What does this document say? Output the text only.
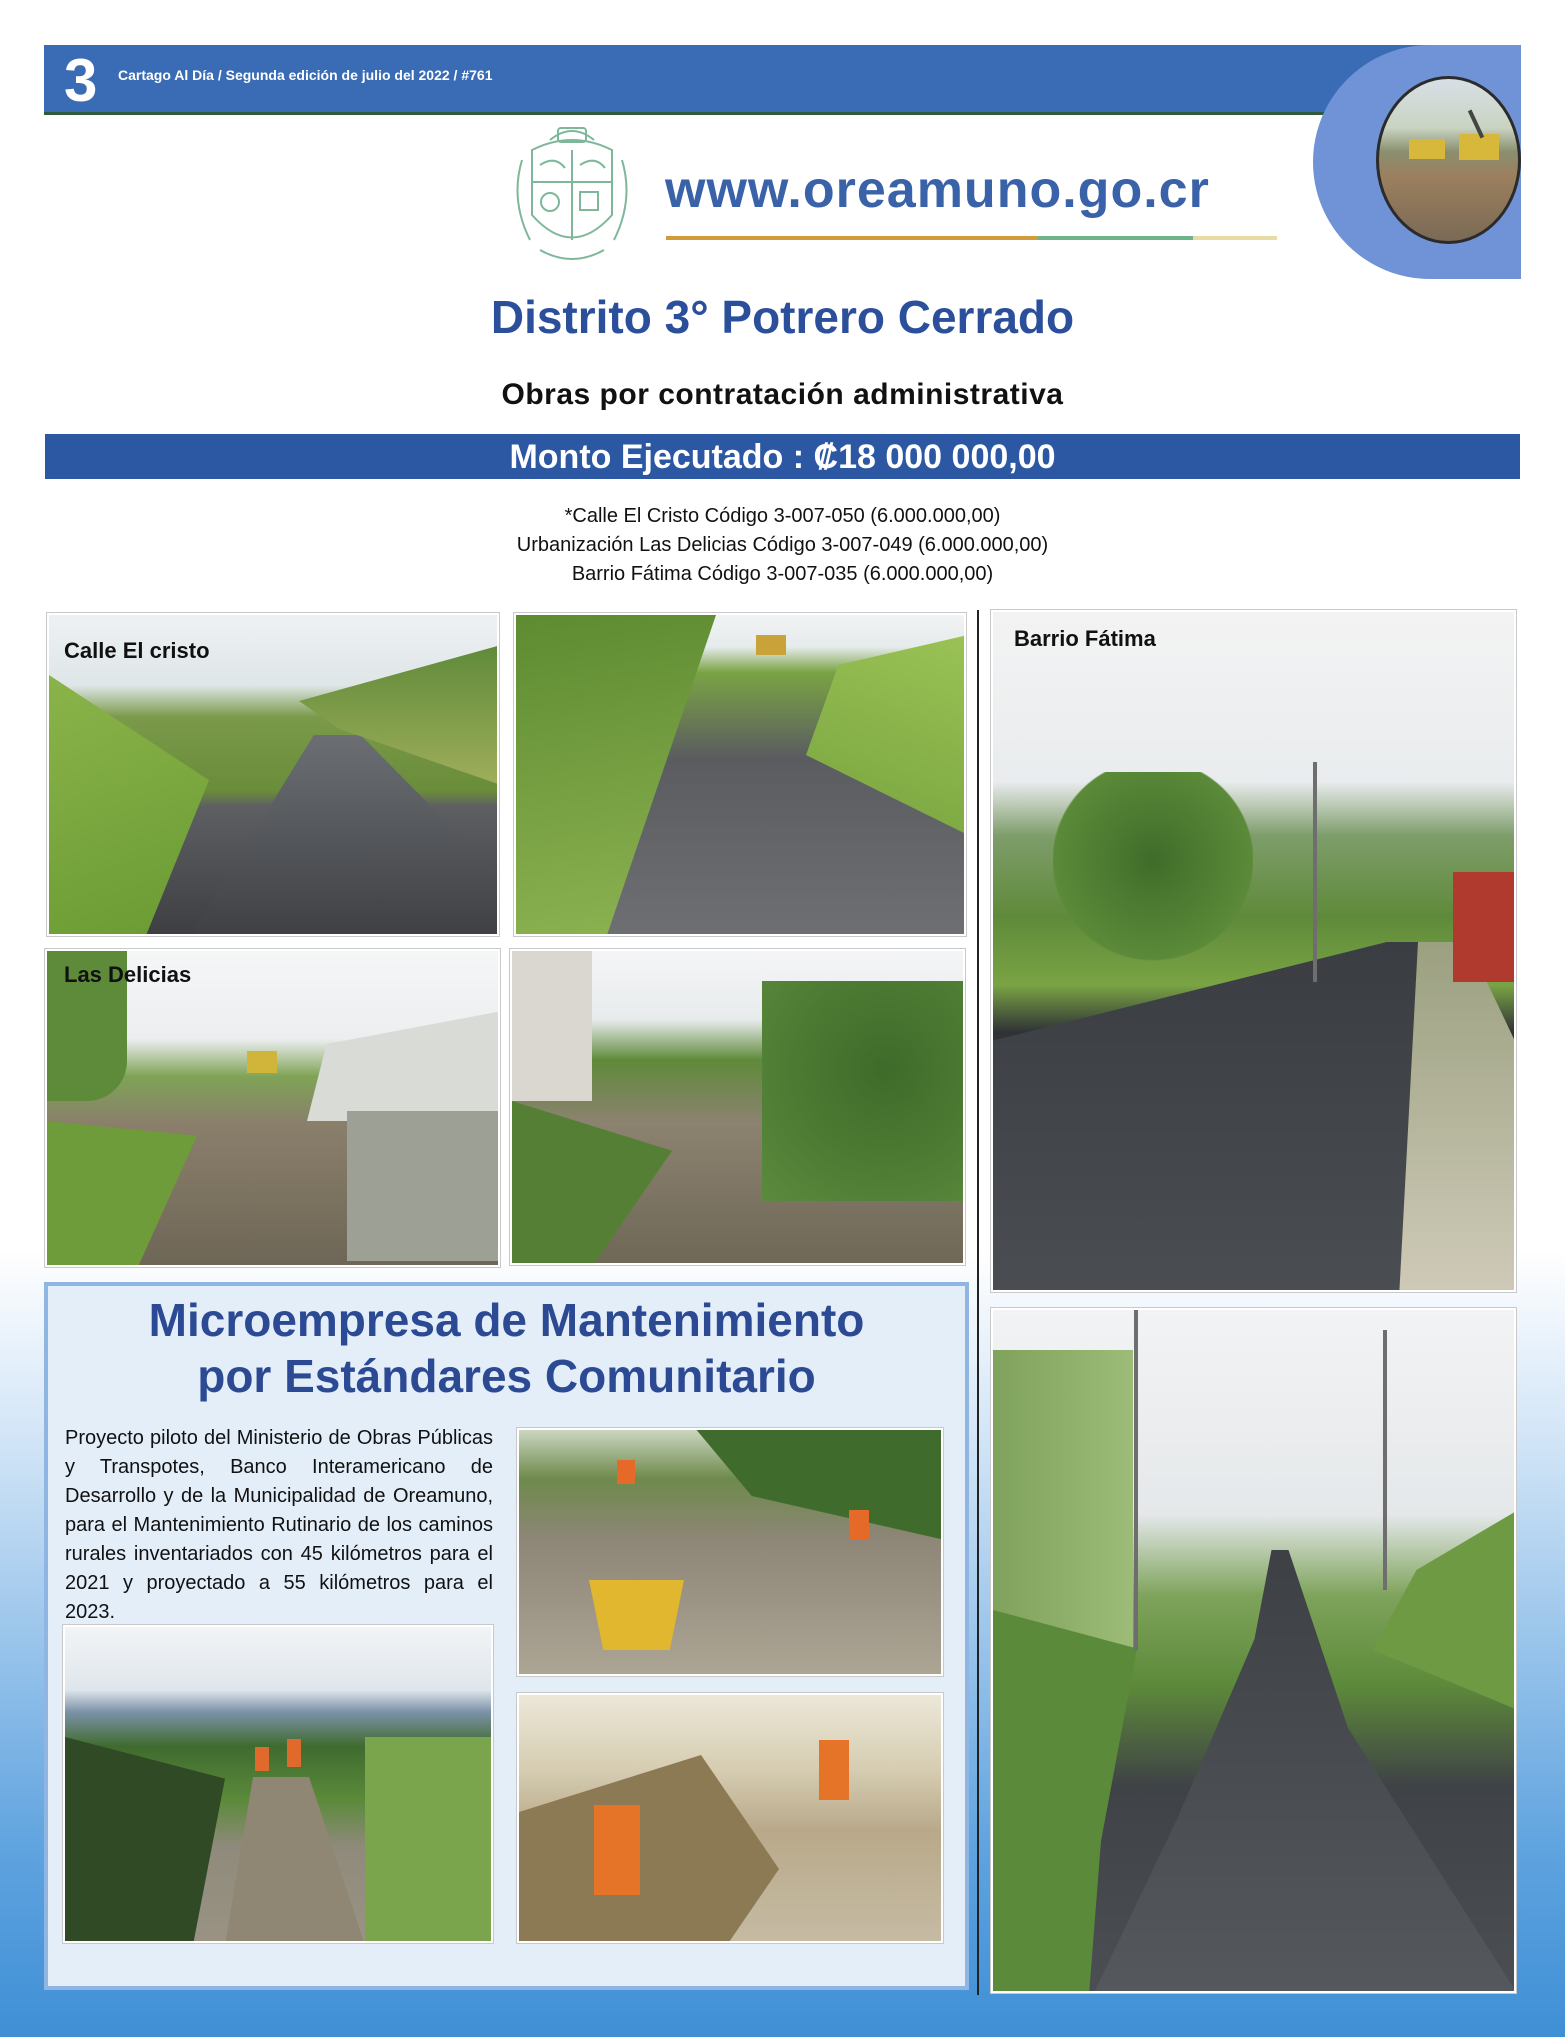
3 Cartago Al Día / Segunda edición de julio del 2022 / #761
www.oreamuno.go.cr
Distrito 3° Potrero Cerrado
Obras por contratación administrativa
Monto Ejecutado : ₡18 000 000,00
*Calle El Cristo Código 3-007-050 (6.000.000,00)
Urbanización Las Delicias Código 3-007-049 (6.000.000,00)
Barrio Fátima Código 3-007-035 (6.000.000,00)
Calle El cristo	Barrio Fátima
Las Delicias
Microempresa de Mantenimiento
por Estándares Comunitario
Proyecto piloto del Ministerio de Obras Públicas y Transpotes, Banco Interamericano de Desarrollo y de la Municipalidad de Oreamuno, para el Mantenimiento Rutinario de los caminos rurales inventariados con 45 kilómetros para el 2021 y proyectado a 55 kilómetros para el 2023.
